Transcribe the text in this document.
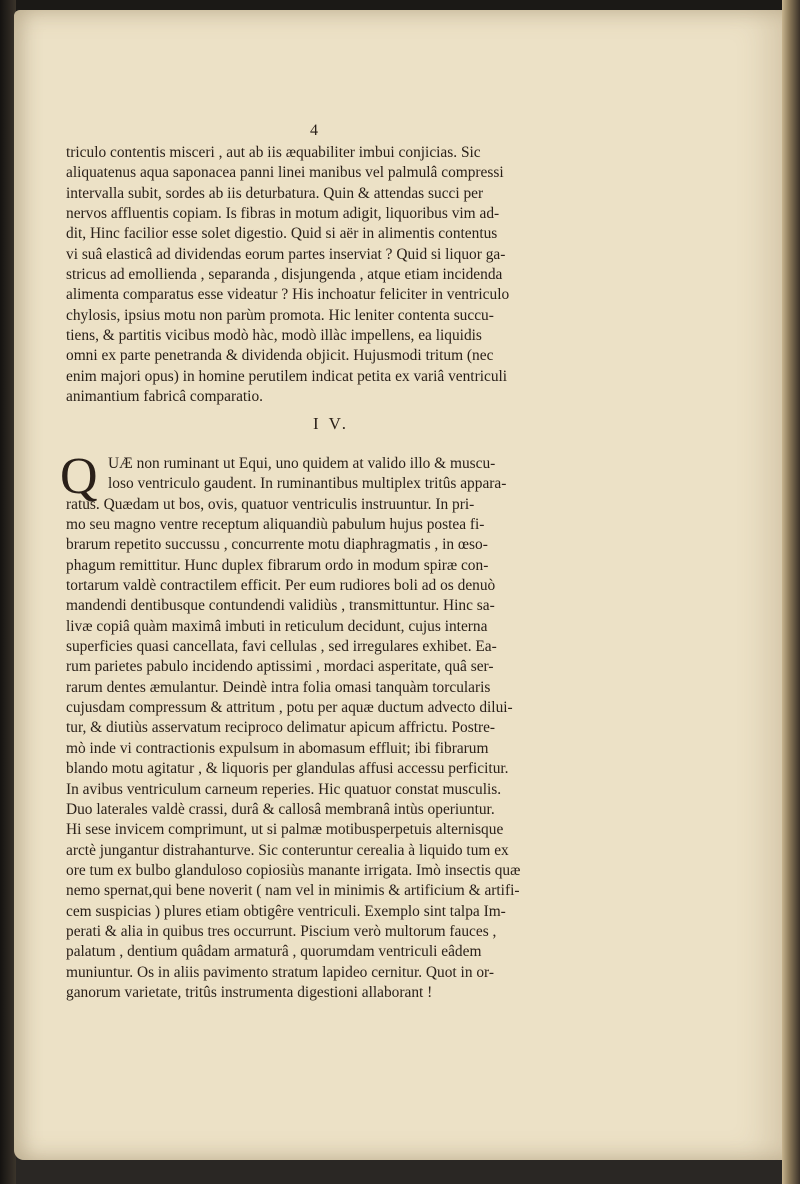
4
triculo contentis misceri , aut ab iis æquabiliter imbui conjicias. Sic
aliquatenus aqua saponacea panni linei manibus vel palmulâ compressi
intervalla subit, sordes ab iis deturbatura. Quin & attendas succi per
nervos affluentis copiam. Is fibras in motum adigit, liquoribus vim ad-
dit, Hinc facilior esse solet digestio. Quid si aër in alimentis contentus
vi suâ elasticâ ad dividendas eorum partes inserviat ? Quid si liquor ga-
stricus ad emollienda , separanda , disjungenda , atque etiam incidenda
alimenta comparatus esse videatur ? His inchoatur feliciter in ventriculo
chylosis, ipsius motu non parùm promota. Hic leniter contenta succu-
tiens, & partitis vicibus modò hàc, modò illàc impellens, ea liquidis
omni ex parte penetranda & dividenda objicit. Hujusmodi tritum (nec
enim majori opus) in homine perutilem indicat petita ex variâ ventriculi
animantium fabricâ comparatio.
I V.
Q UÆ non ruminant ut Equi, uno quidem at valido illo & muscu-
loso ventriculo gaudent. In ruminantibus multiplex tritûs appara-
ratus. Quædam ut bos, ovis, quatuor ventriculis instruuntur. In pri-
mo seu magno ventre receptum aliquandiù pabulum hujus postea fi-
brarum repetito succussu , concurrente motu diaphragmatis , in œso-
phagum remittitur. Hunc duplex fibrarum ordo in modum spiræ con-
tortarum valdè contractilem efficit. Per eum rudiores boli ad os denuò
mandendi dentibusque contundendi validiùs , transmittuntur. Hinc sa-
livæ copiâ quàm maximâ imbuti in reticulum decidunt, cujus interna
superficies quasi cancellata, favi cellulas , sed irregulares exhibet. Ea-
rum parietes pabulo incidendo aptissimi , mordaci asperitate, quâ ser-
rarum dentes æmulantur. Deindè intra folia omasi tanquàm torcularis
cujusdam compressum & attritum , potu per aquæ ductum advecto dilui-
tur, & diutiùs asservatum reciproco delimatur apicum affrictu. Postre-
mò inde vi contractionis expulsum in abomasum effluit; ibi fibrarum
blando motu agitatur , & liquoris per glandulas affusi accessu perficitur.
In avibus ventriculum carneum reperies. Hic quatuor constat musculis.
Duo laterales valdè crassi, durâ & callosâ membranâ intùs operiuntur.
Hi sese invicem comprimunt, ut si palmæ motibusperpetuis alternisque
arctè jungantur distrahanturve. Sic conteruntur cerealia à liquido tum ex
ore tum ex bulbo glanduloso copiosiùs manante irrigata. Imò insectis quæ
nemo spernat,qui bene noverit ( nam vel in minimis & artificium & artifi-
cem suspicias ) plures etiam obtigêre ventriculi. Exemplo sint talpa Im-
perati & alia in quibus tres occurrunt. Piscium verò multorum fauces ,
palatum , dentium quâdam armaturâ , quorumdam ventriculi eâdem
muniuntur. Os in aliis pavimento stratum lapideo cernitur. Quot in or-
ganorum varietate, tritûs instrumenta digestioni allaborant !
